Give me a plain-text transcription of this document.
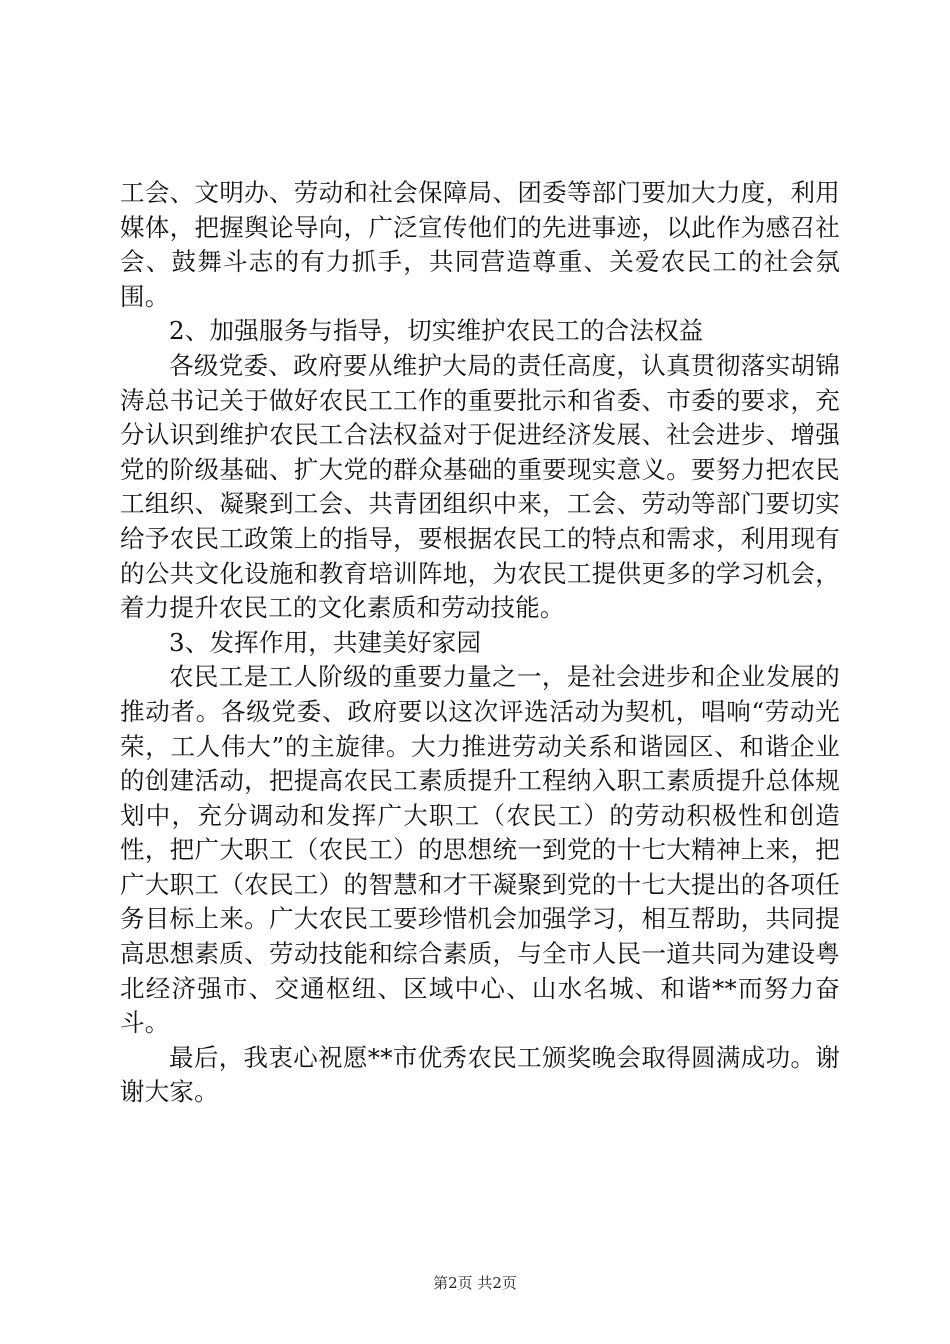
工会、文明办、劳动和社会保障局、团委等部门要加大力度，利用媒体，把握舆论导向，广泛宣传他们的先进事迹，以此作为感召社会、鼓舞斗志的有力抓手，共同营造尊重、关爱农民工的社会氛围。

2、加强服务与指导，切实维护农民工的合法权益

各级党委、政府要从维护大局的责任高度，认真贯彻落实胡锦涛总书记关于做好农民工工作的重要批示和省委、市委的要求，充分认识到维护农民工合法权益对于促进经济发展、社会进步、增强党的阶级基础、扩大党的群众基础的重要现实意义。要努力把农民工组织、凝聚到工会、共青团组织中来，工会、劳动等部门要切实给予农民工政策上的指导，要根据农民工的特点和需求，利用现有的公共文化设施和教育培训阵地，为农民工提供更多的学习机会，着力提升农民工的文化素质和劳动技能。

3、发挥作用，共建美好家园

农民工是工人阶级的重要力量之一，是社会进步和企业发展的推动者。各级党委、政府要以这次评选活动为契机，唱响“劳动光荣，工人伟大”的主旋律。大力推进劳动关系和谐园区、和谐企业的创建活动，把提高农民工素质提升工程纳入职工素质提升总体规划中，充分调动和发挥广大职工（农民工）的劳动积极性和创造性，把广大职工（农民工）的思想统一到党的十七大精神上来，把广大职工（农民工）的智慧和才干凝聚到党的十七大提出的各项任务目标上来。广大农民工要珍惜机会加强学习，相互帮助，共同提高思想素质、劳动技能和综合素质，与全市人民一道共同为建设粤北经济强市、交通枢纽、区域中心、山水名城、和谐**而努力奋斗。

最后，我衷心祝愿**市优秀农民工颁奖晚会取得圆满成功。谢谢大家。

第2页 共2页
